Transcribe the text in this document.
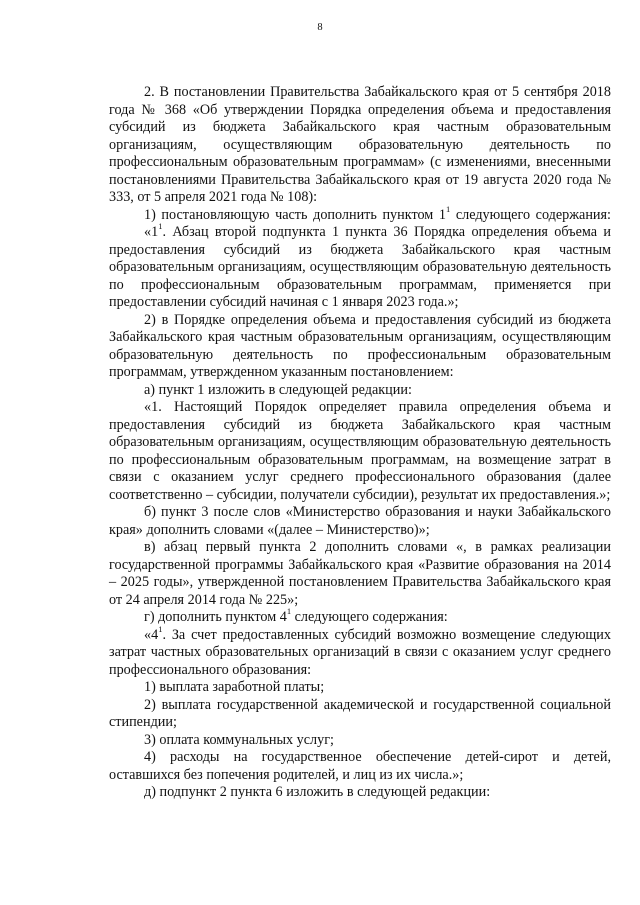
8

2. В постановлении Правительства Забайкальского края от 5 сентября 2018 года № 368 «Об утверждении Порядка определения объема и предоставления субсидий из бюджета Забайкальского края частным образовательным организациям, осуществляющим образовательную деятельность по профессиональным образовательным программам» (с изменениями, внесенными постановлениями Правительства Забайкальского края от 19 августа 2020 года № 333, от 5 апреля 2021 года № 108):

1) постановляющую часть дополнить пунктом $1^1$ следующего содержания:

«$1^1$. Абзац второй подпункта 1 пункта 36 Порядка определения объема и предоставления субсидий из бюджета Забайкальского края частным образовательным организациям, осуществляющим образовательную деятельность по профессиональным образовательным программам, применяется при предоставлении субсидий начиная с 1 января 2023 года.»;

2) в Порядке определения объема и предоставления субсидий из бюджета Забайкальского края частным образовательным организациям, осуществляющим образовательную деятельность по профессиональным образовательным программам, утвержденном указанным постановлением:

а) пункт 1 изложить в следующей редакции:

«1. Настоящий Порядок определяет правила определения объема и предоставления субсидий из бюджета Забайкальского края частным образовательным организациям, осуществляющим образовательную деятельность по профессиональным образовательным программам, на возмещение затрат в связи с оказанием услуг среднего профессионального образования (далее соответственно – субсидии, получатели субсидии), результат их предоставления.»;

б) пункт 3 после слов «Министерство образования и науки Забайкальского края» дополнить словами «(далее – Министерство)»;

в) абзац первый пункта 2 дополнить словами «, в рамках реализации государственной программы Забайкальского края «Развитие образования на 2014 – 2025 годы», утвержденной постановлением Правительства Забайкальского края от 24 апреля 2014 года № 225»;

г) дополнить пунктом $4^1$ следующего содержания:

«$4^1$. За счет предоставленных субсидий возможно возмещение следующих затрат частных образовательных организаций в связи с оказанием услуг среднего профессионального образования:

1) выплата заработной платы;

2) выплата государственной академической и государственной социальной стипендии;

3) оплата коммунальных услуг;

4) расходы на государственное обеспечение детей-сирот и детей, оставшихся без попечения родителей, и лиц из их числа.»;

д) подпункт 2 пункта 6 изложить в следующей редакции:
